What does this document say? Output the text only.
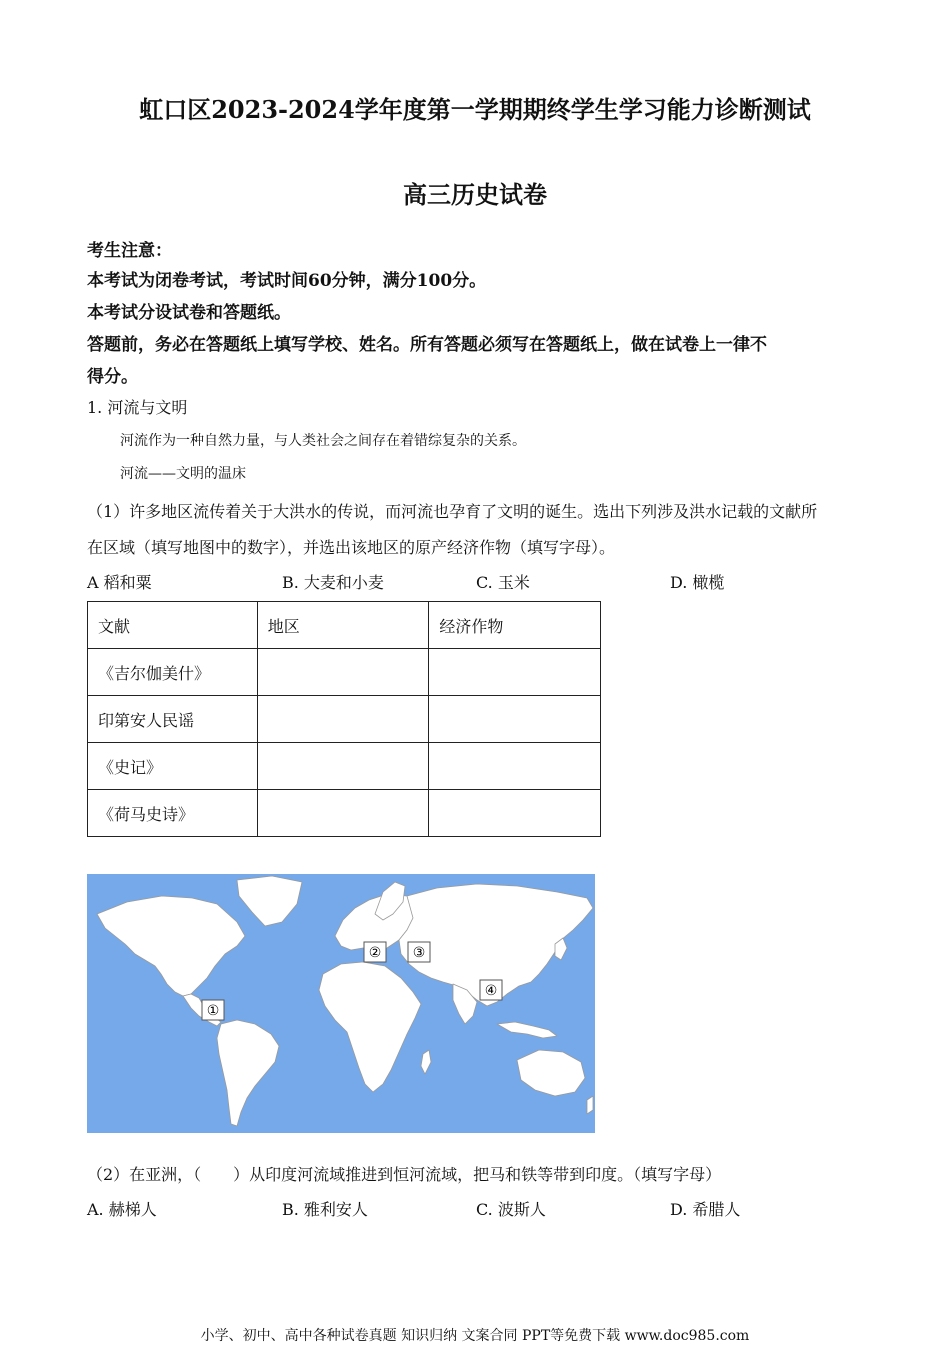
虹口区2023-2024学年度第一学期期终学生学习能力诊断测试
高三历史试卷
考生注意：
本考试为闭卷考试，考试时间60分钟，满分100分。
本考试分设试卷和答题纸。
答题前，务必在答题纸上填写学校、姓名。所有答题必须写在答题纸上，做在试卷上一律不
得分。
1. 河流与文明
河流作为一种自然力量，与人类社会之间存在着错综复杂的关系。
河流——文明的温床
（1）许多地区流传着关于大洪水的传说，而河流也孕育了文明的诞生。选出下列涉及洪水记载的文献所
在区域（填写地图中的数字），并选出该地区的原产经济作物（填写字母）。
A 稻和粟	B. 大麦和小麦	C. 玉米	D. 橄榄
文献	地区	经济作物
《吉尔伽美什》		
印第安人民谣		
《史记》		
《荷马史诗》		
①
② ③
④
（2）在亚洲，（　　）从印度河流域推进到恒河流域，把马和铁等带到印度。（填写字母）
A. 赫梯人	B. 雅利安人	C. 波斯人	D. 希腊人
小学、初中、高中各种试卷真题 知识归纳 文案合同 PPT等免费下载 www.doc985.com
